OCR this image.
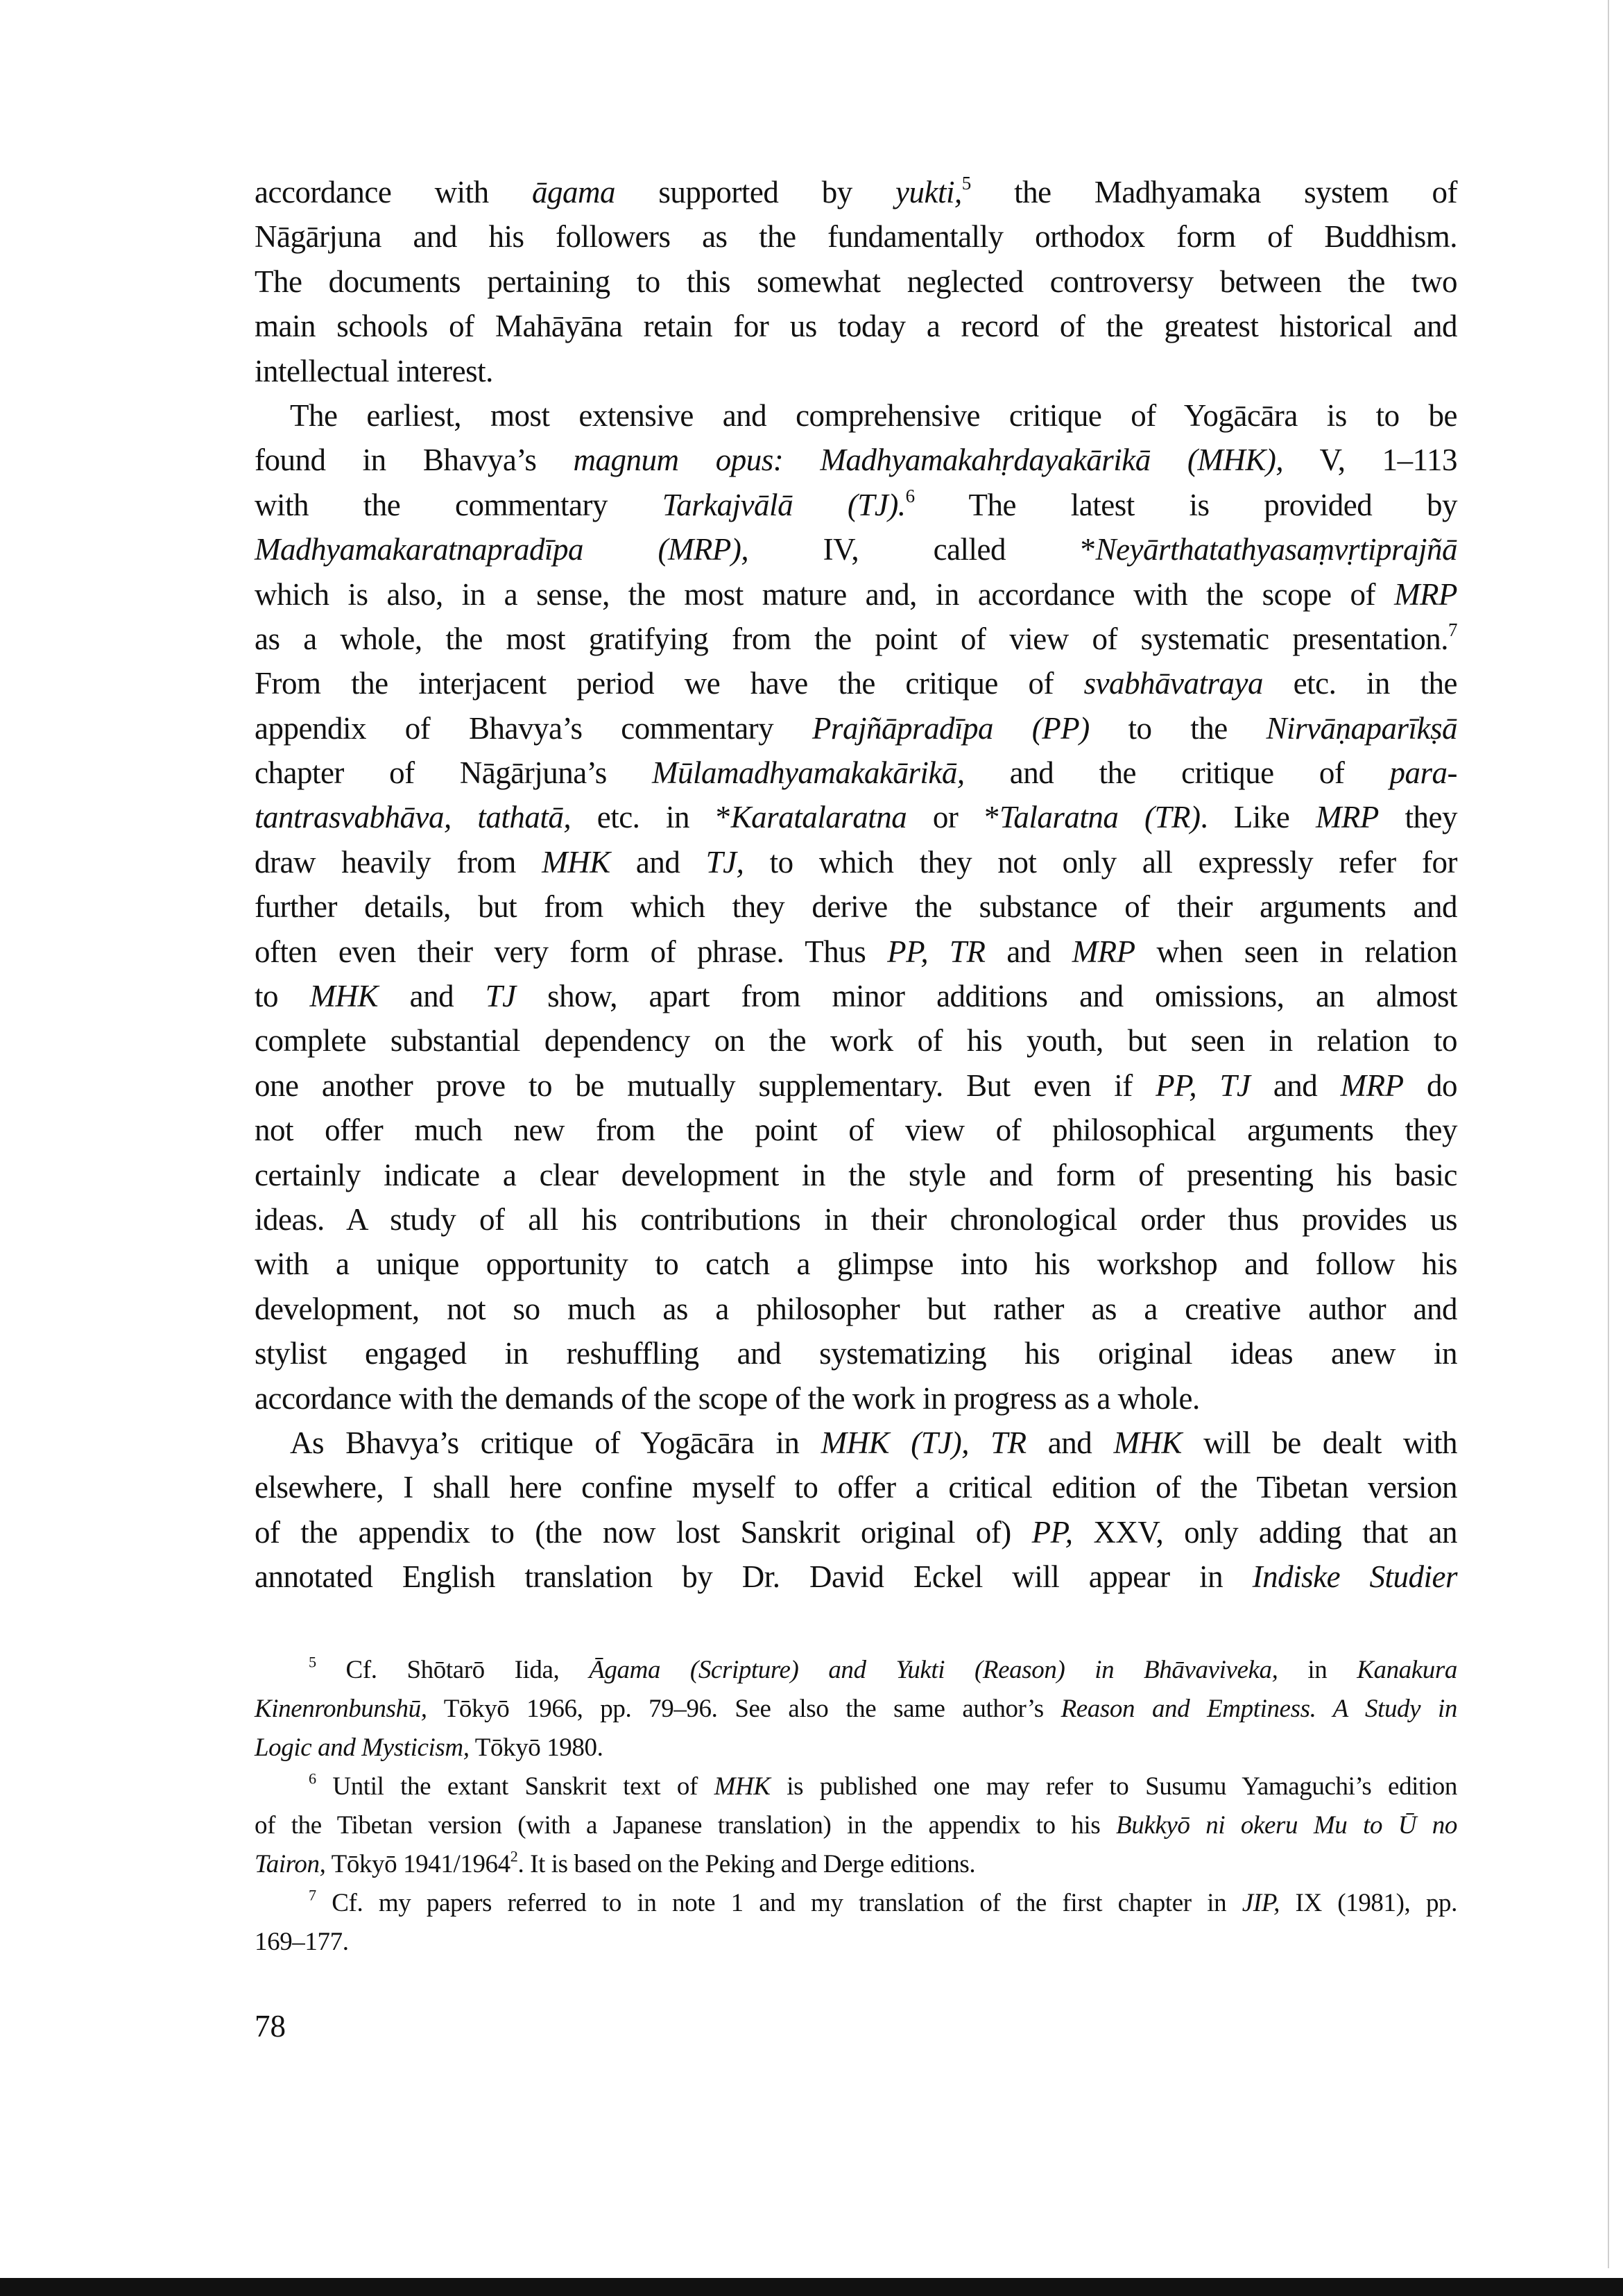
accordance with āgama supported by yukti,$^5$ the Madhyamaka system of
Nāgārjuna and his followers as the fundamentally orthodox form of Buddhism.
The documents pertaining to this somewhat neglected controversy between the two
main schools of Mahāyāna retain for us today a record of the greatest historical and
intellectual interest.
The earliest, most extensive and comprehensive critique of Yogācāra is to be
found in Bhavya’s magnum opus: Madhyamakahṛdayakārikā (MHK), V, 1–113
with the commentary Tarkajvālā (TJ).$^6$ The latest is provided by
Madhyamakaratnapradīpa (MRP), IV, called *Neyārthatathyasaṃvṛtiprajñā
which is also, in a sense, the most mature and, in accordance with the scope of MRP
as a whole, the most gratifying from the point of view of systematic presentation.$^7$
From the interjacent period we have the critique of svabhāvatraya etc. in the
appendix of Bhavya’s commentary Prajñāpradīpa (PP) to the Nirvāṇaparīkṣā
chapter of Nāgārjuna’s Mūlamadhyamakakārikā, and the critique of para-
tantrasvabhāva, tathatā, etc. in *Karatalaratna or *Talaratna (TR). Like MRP they
draw heavily from MHK and TJ, to which they not only all expressly refer for
further details, but from which they derive the substance of their arguments and
often even their very form of phrase. Thus PP, TR and MRP when seen in relation
to MHK and TJ show, apart from minor additions and omissions, an almost
complete substantial dependency on the work of his youth, but seen in relation to
one another prove to be mutually supplementary. But even if PP, TJ and MRP do
not offer much new from the point of view of philosophical arguments they
certainly indicate a clear development in the style and form of presenting his basic
ideas. A study of all his contributions in their chronological order thus provides us
with a unique opportunity to catch a glimpse into his workshop and follow his
development, not so much as a philosopher but rather as a creative author and
stylist engaged in reshuffling and systematizing his original ideas anew in
accordance with the demands of the scope of the work in progress as a whole.
As Bhavya’s critique of Yogācāra in MHK (TJ), TR and MHK will be dealt with
elsewhere, I shall here confine myself to offer a critical edition of the Tibetan version
of the appendix to (the now lost Sanskrit original of) PP, XXV, only adding that an
annotated English translation by Dr. David Eckel will appear in Indiske Studier
$^5$ Cf. Shōtarō Iida, Āgama (Scripture) and Yukti (Reason) in Bhāvaviveka, in Kanakura
Kinenronbunshū, Tōkyō 1966, pp. 79–96. See also the same author’s Reason and Emptiness. A Study in
Logic and Mysticism, Tōkyō 1980.
$^6$ Until the extant Sanskrit text of MHK is published one may refer to Susumu Yamaguchi’s edition
of the Tibetan version (with a Japanese translation) in the appendix to his Bukkyō ni okeru Mu to Ū no
Tairon, Tōkyō 1941/1964$^2$. It is based on the Peking and Derge editions.
$^7$ Cf. my papers referred to in note 1 and my translation of the first chapter in JIP, IX (1981), pp.
169–177.
78
